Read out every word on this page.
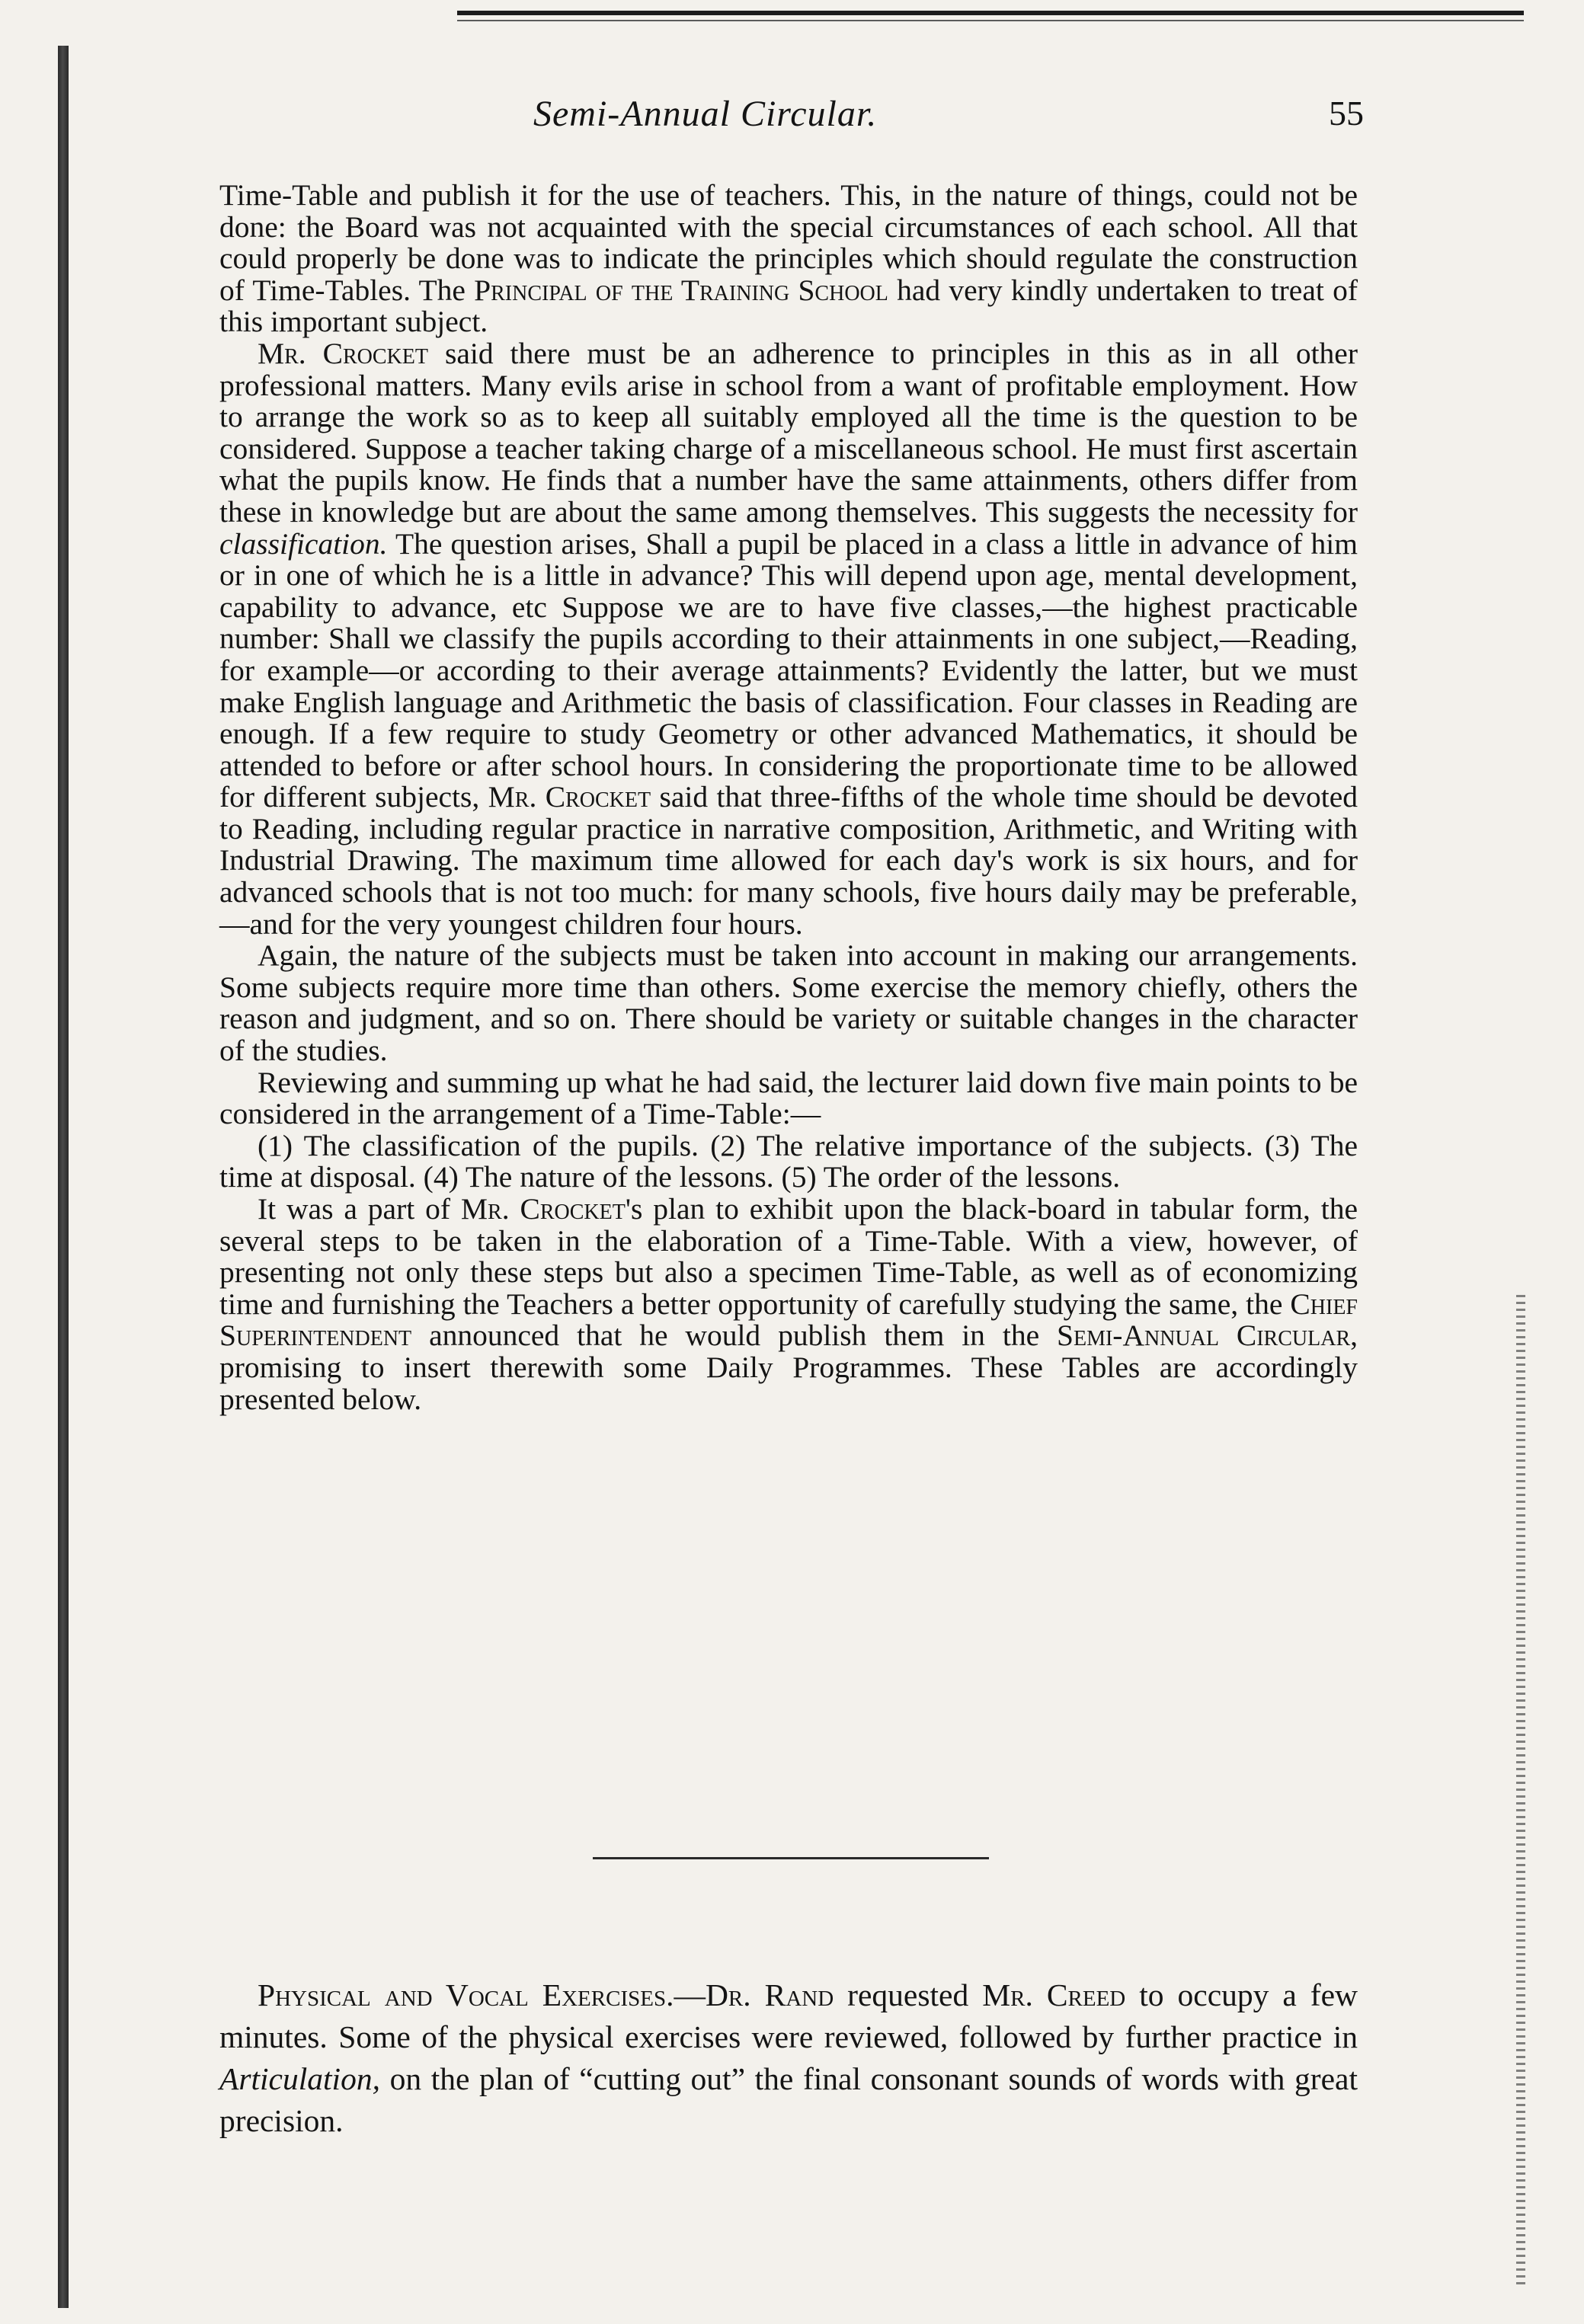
Semi-Annual Circular.	55

Time-Table and publish it for the use of teachers. This, in the nature of things, could not be done: the Board was not acquainted with the special circumstances of each school. All that could properly be done was to indicate the principles which should regulate the construction of Time-Tables. The Principal of the Training School had very kindly undertaken to treat of this important subject.

Mr. Crocket said there must be an adherence to principles in this as in all other professional matters. Many evils arise in school from a want of profitable employment. How to arrange the work so as to keep all suitably employed all the time is the question to be considered. Suppose a teacher taking charge of a miscellaneous school. He must first ascertain what the pupils know. He finds that a number have the same attainments, others differ from these in knowledge but are about the same among themselves. This suggests the necessity for classification. The question arises, Shall a pupil be placed in a class a little in advance of him or in one of which he is a little in advance? This will depend upon age, mental development, capability to advance, etc Suppose we are to have five classes,—the highest practicable number: Shall we classify the pupils according to their attainments in one subject,—Reading, for example—or according to their average attainments? Evidently the latter, but we must make English language and Arithmetic the basis of classification. Four classes in Reading are enough. If a few require to study Geometry or other advanced Mathematics, it should be attended to before or after school hours. In considering the proportionate time to be allowed for different subjects, Mr. Crocket said that three-fifths of the whole time should be devoted to Reading, including regular practice in narrative composition, Arithmetic, and Writing with Industrial Drawing. The maximum time allowed for each day's work is six hours, and for advanced schools that is not too much: for many schools, five hours daily may be preferable,—and for the very youngest children four hours.

Again, the nature of the subjects must be taken into account in making our arrangements. Some subjects require more time than others. Some exercise the memory chiefly, others the reason and judgment, and so on. There should be variety or suitable changes in the character of the studies.

Reviewing and summing up what he had said, the lecturer laid down five main points to be considered in the arrangement of a Time-Table:—

(1) The classification of the pupils. (2) The relative importance of the subjects. (3) The time at disposal. (4) The nature of the lessons. (5) The order of the lessons.

It was a part of Mr. Crocket's plan to exhibit upon the black-board in tabular form, the several steps to be taken in the elaboration of a Time-Table. With a view, however, of presenting not only these steps but also a specimen Time-Table, as well as of economizing time and furnishing the Teachers a better opportunity of carefully studying the same, the Chief Superintendent announced that he would publish them in the Semi-Annual Circular, promising to insert therewith some Daily Programmes. These Tables are accordingly presented below.

Physical and Vocal Exercises.—Dr. Rand requested Mr. Creed to occupy a few minutes. Some of the physical exercises were reviewed, followed by further practice in Articulation, on the plan of “cutting out” the final consonant sounds of words with great precision.
